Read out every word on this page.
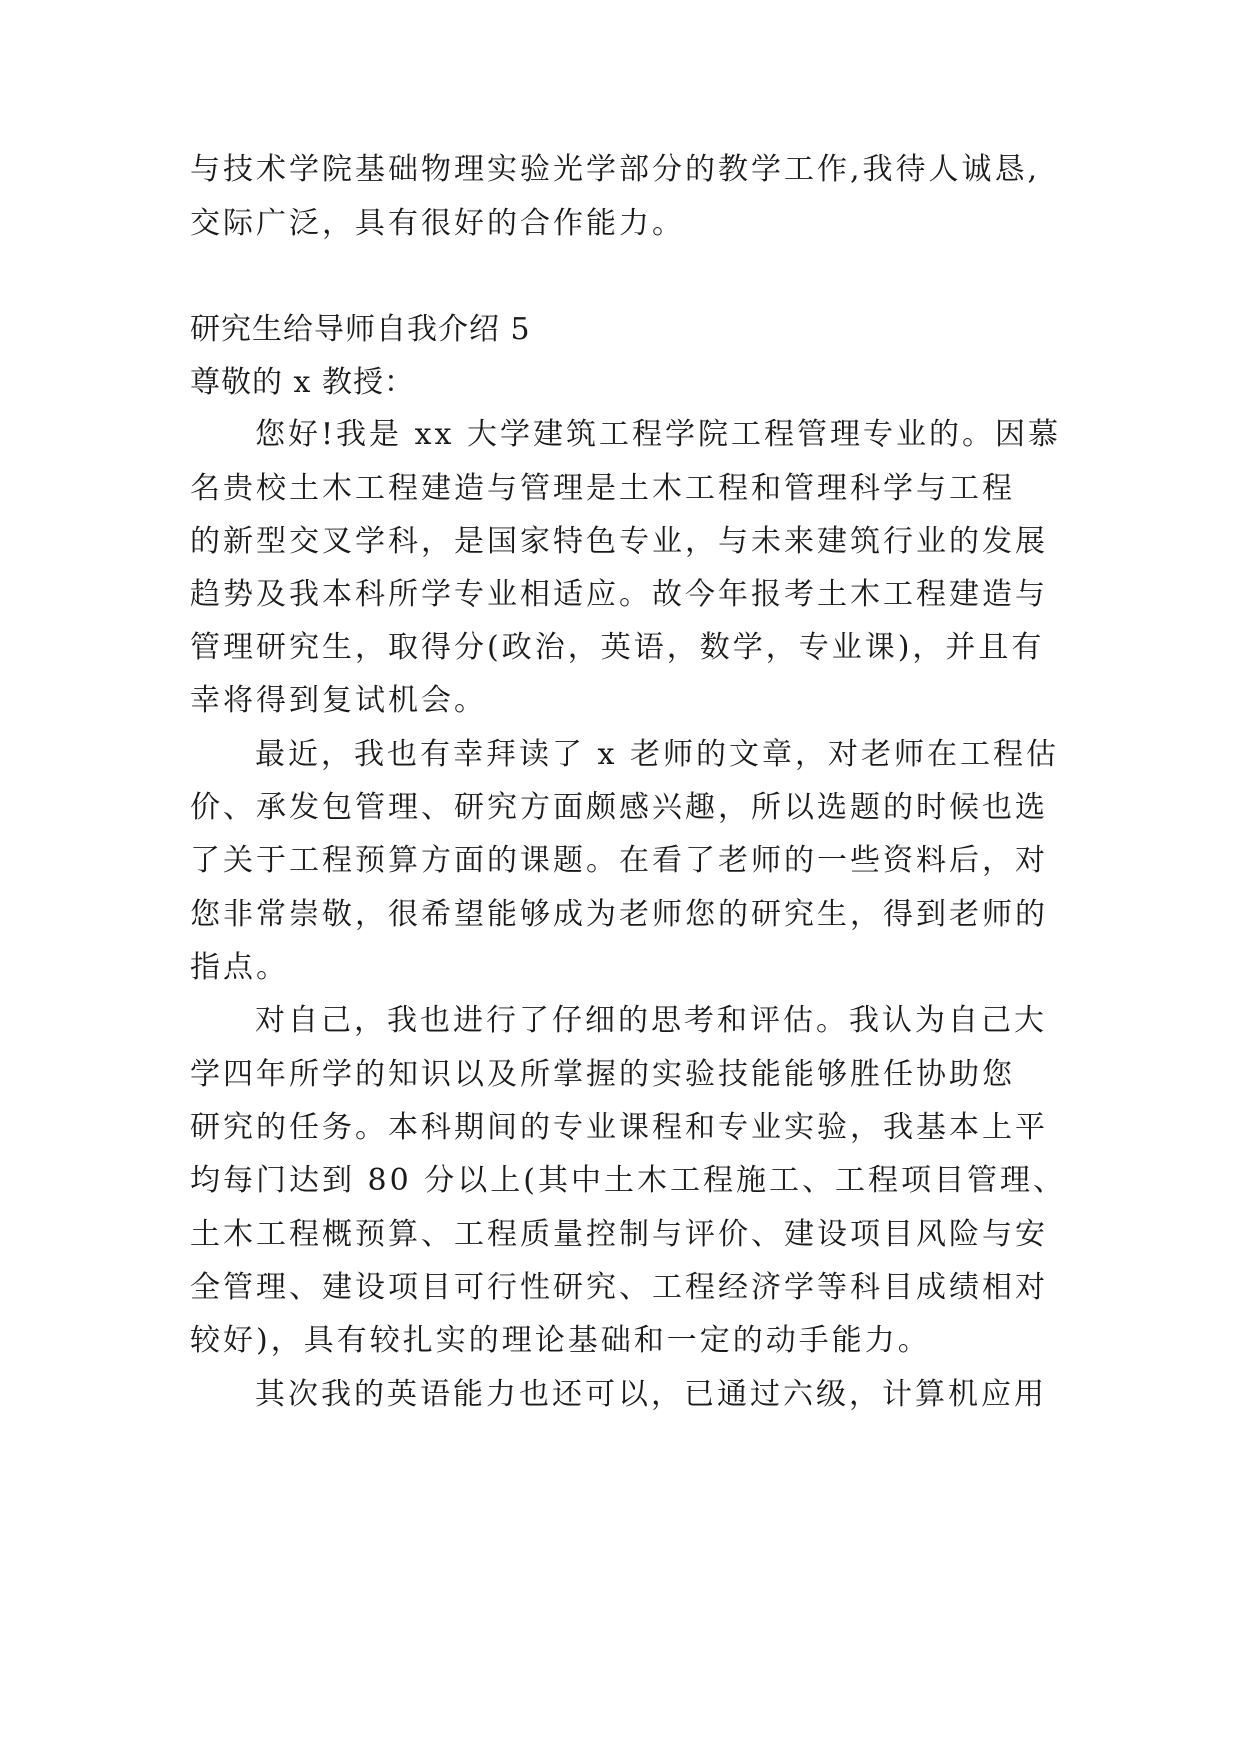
与技术学院基础物理实验光学部分的教学工作,我待人诚恳,
交际广泛，具有很好的合作能力。
研究生给导师自我介绍 5
尊敬的 x 教授：
您好!我是 xx 大学建筑工程学院工程管理专业的。因慕
名贵校土木工程建造与管理是土木工程和管理科学与工程
的新型交叉学科，是国家特色专业，与未来建筑行业的发展
趋势及我本科所学专业相适应。故今年报考土木工程建造与
管理研究生，取得分(政治，英语，数学，专业课)，并且有
幸将得到复试机会。
最近，我也有幸拜读了 x 老师的文章，对老师在工程估
价、承发包管理、研究方面颇感兴趣，所以选题的时候也选
了关于工程预算方面的课题。在看了老师的一些资料后，对
您非常崇敬，很希望能够成为老师您的研究生，得到老师的
指点。
对自己，我也进行了仔细的思考和评估。我认为自己大
学四年所学的知识以及所掌握的实验技能能够胜任协助您
研究的任务。本科期间的专业课程和专业实验，我基本上平
均每门达到 80 分以上(其中土木工程施工、工程项目管理、
土木工程概预算、工程质量控制与评价、建设项目风险与安
全管理、建设项目可行性研究、工程经济学等科目成绩相对
较好)，具有较扎实的理论基础和一定的动手能力。
其次我的英语能力也还可以，已通过六级，计算机应用
